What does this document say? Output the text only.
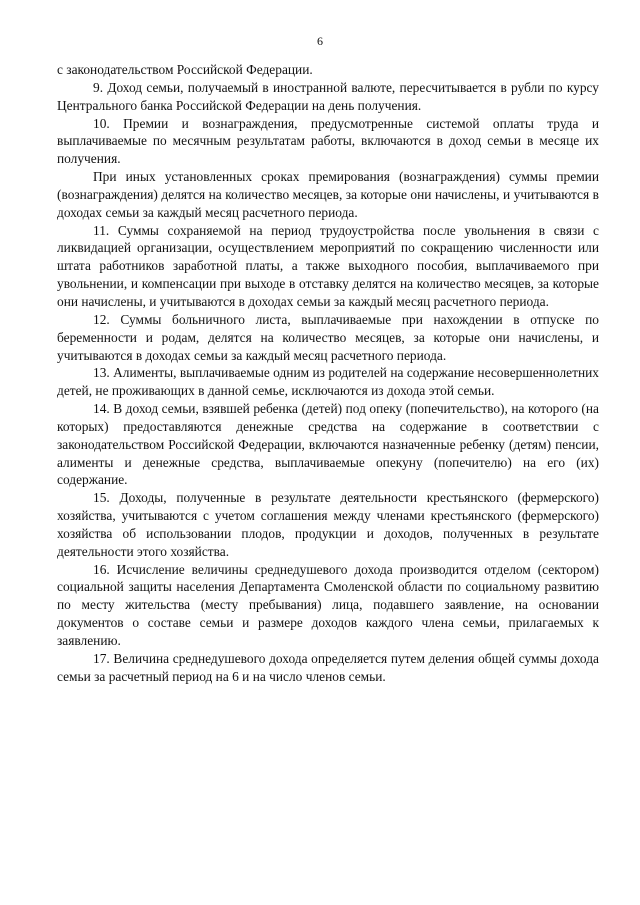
6

с законодательством Российской Федерации.

9. Доход семьи, получаемый в иностранной валюте, пересчитывается в рубли по курсу Центрального банка Российской Федерации на день получения.

10. Премии и вознаграждения, предусмотренные системой оплаты труда и выплачиваемые по месячным результатам работы, включаются в доход семьи в месяце их получения.

При иных установленных сроках премирования (вознаграждения) суммы премии (вознаграждения) делятся на количество месяцев, за которые они начислены, и учитываются в доходах семьи за каждый месяц расчетного периода.

11. Суммы сохраняемой на период трудоустройства после увольнения в связи с ликвидацией организации, осуществлением мероприятий по сокращению численности или штата работников заработной платы, а также выходного пособия, выплачиваемого при увольнении, и компенсации при выходе в отставку делятся на количество месяцев, за которые они начислены, и учитываются в доходах семьи за каждый месяц расчетного периода.

12. Суммы больничного листа, выплачиваемые при нахождении в отпуске по беременности и родам, делятся на количество месяцев, за которые они начислены, и учитываются в доходах семьи за каждый месяц расчетного периода.

13. Алименты, выплачиваемые одним из родителей на содержание несовершеннолетних детей, не проживающих в данной семье, исключаются из дохода этой семьи.

14. В доход семьи, взявшей ребенка (детей) под опеку (попечительство), на которого (на которых) предоставляются денежные средства на содержание в соответствии с законодательством Российской Федерации, включаются назначенные ребенку (детям) пенсии, алименты и денежные средства, выплачиваемые опекуну (попечителю) на его (их) содержание.

15. Доходы, полученные в результате деятельности крестьянского (фермерского) хозяйства, учитываются с учетом соглашения между членами крестьянского (фермерского) хозяйства об использовании плодов, продукции и доходов, полученных в результате деятельности этого хозяйства.

16. Исчисление величины среднедушевого дохода производится отделом (сектором) социальной защиты населения Департамента Смоленской области по социальному развитию по месту жительства (месту пребывания) лица, подавшего заявление, на основании документов о составе семьи и размере доходов каждого члена семьи, прилагаемых к заявлению.

17. Величина среднедушевого дохода определяется путем деления общей суммы дохода семьи за расчетный период на 6 и на число членов семьи.
